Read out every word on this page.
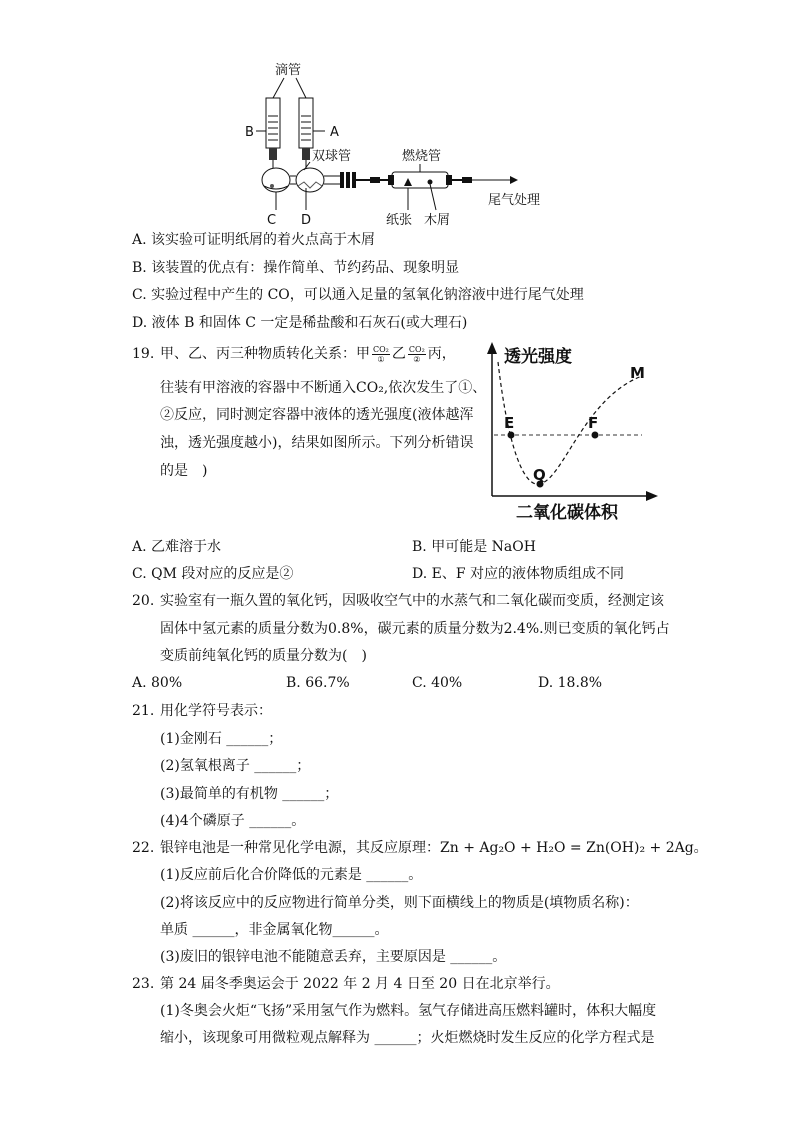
滴管
B	A
双球管	燃烧管
尾气处理
C D	纸张 木屑
A. 该实验可证明纸屑的着火点高于木屑
B. 该装置的优点有：操作简单、节约药品、现象明显
C. 实验过程中产生的 CO，可以通入足量的氢氧化钠溶液中进行尾气处理
D. 液体 B 和固体 C 一定是稀盐酸和石灰石(或大理石)
19. 甲、乙、丙三种物质转化关系：甲 $\frac{\text{CO₂}}{\text{①}}$ 乙 $\frac{\text{CO₂}}{\text{②}}$ 丙，
往装有甲溶液的容器中不断通入CO₂,依次发生了①、
②反应，同时测定容器中液体的透光强度(液体越浑
浊，透光强度越小)，结果如图所示。下列分析错误
的是　)
透光强度
二氧化碳体积
E	F
Q
M
A. 乙难溶于水	B. 甲可能是 NaOH
C. QM 段对应的反应是②	D. E、F 对应的液体物质组成不同
20. 实验室有一瓶久置的氧化钙，因吸收空气中的水蒸气和二氧化碳而变质，经测定该
固体中氢元素的质量分数为0.8%，碳元素的质量分数为2.4%.则已变质的氧化钙占
变质前纯氧化钙的质量分数为(　)
A. 80%	B. 66.7%	C. 40%	D. 18.8%
21. 用化学符号表示：
(1)金刚石 ______；
(2)氢氧根离子 ______；
(3)最简单的有机物 ______；
(4)4个磷原子 ______。
22. 银锌电池是一种常见化学电源，其反应原理：Zn + Ag₂O + H₂O = Zn(OH)₂ + 2Ag。
(1)反应前后化合价降低的元素是 ______。
(2)将该反应中的反应物进行简单分类，则下面横线上的物质是(填物质名称)：
单质 ______，非金属氧化物______。
(3)废旧的银锌电池不能随意丢弃，主要原因是 ______。
23. 第 24 届冬季奥运会于 2022 年 2 月 4 日至 20 日在北京举行。
(1)冬奥会火炬“飞扬”采用氢气作为燃料。氢气存储进高压燃料罐时，体积大幅度
缩小，该现象可用微粒观点解释为 ______；火炬燃烧时发生反应的化学方程式是
